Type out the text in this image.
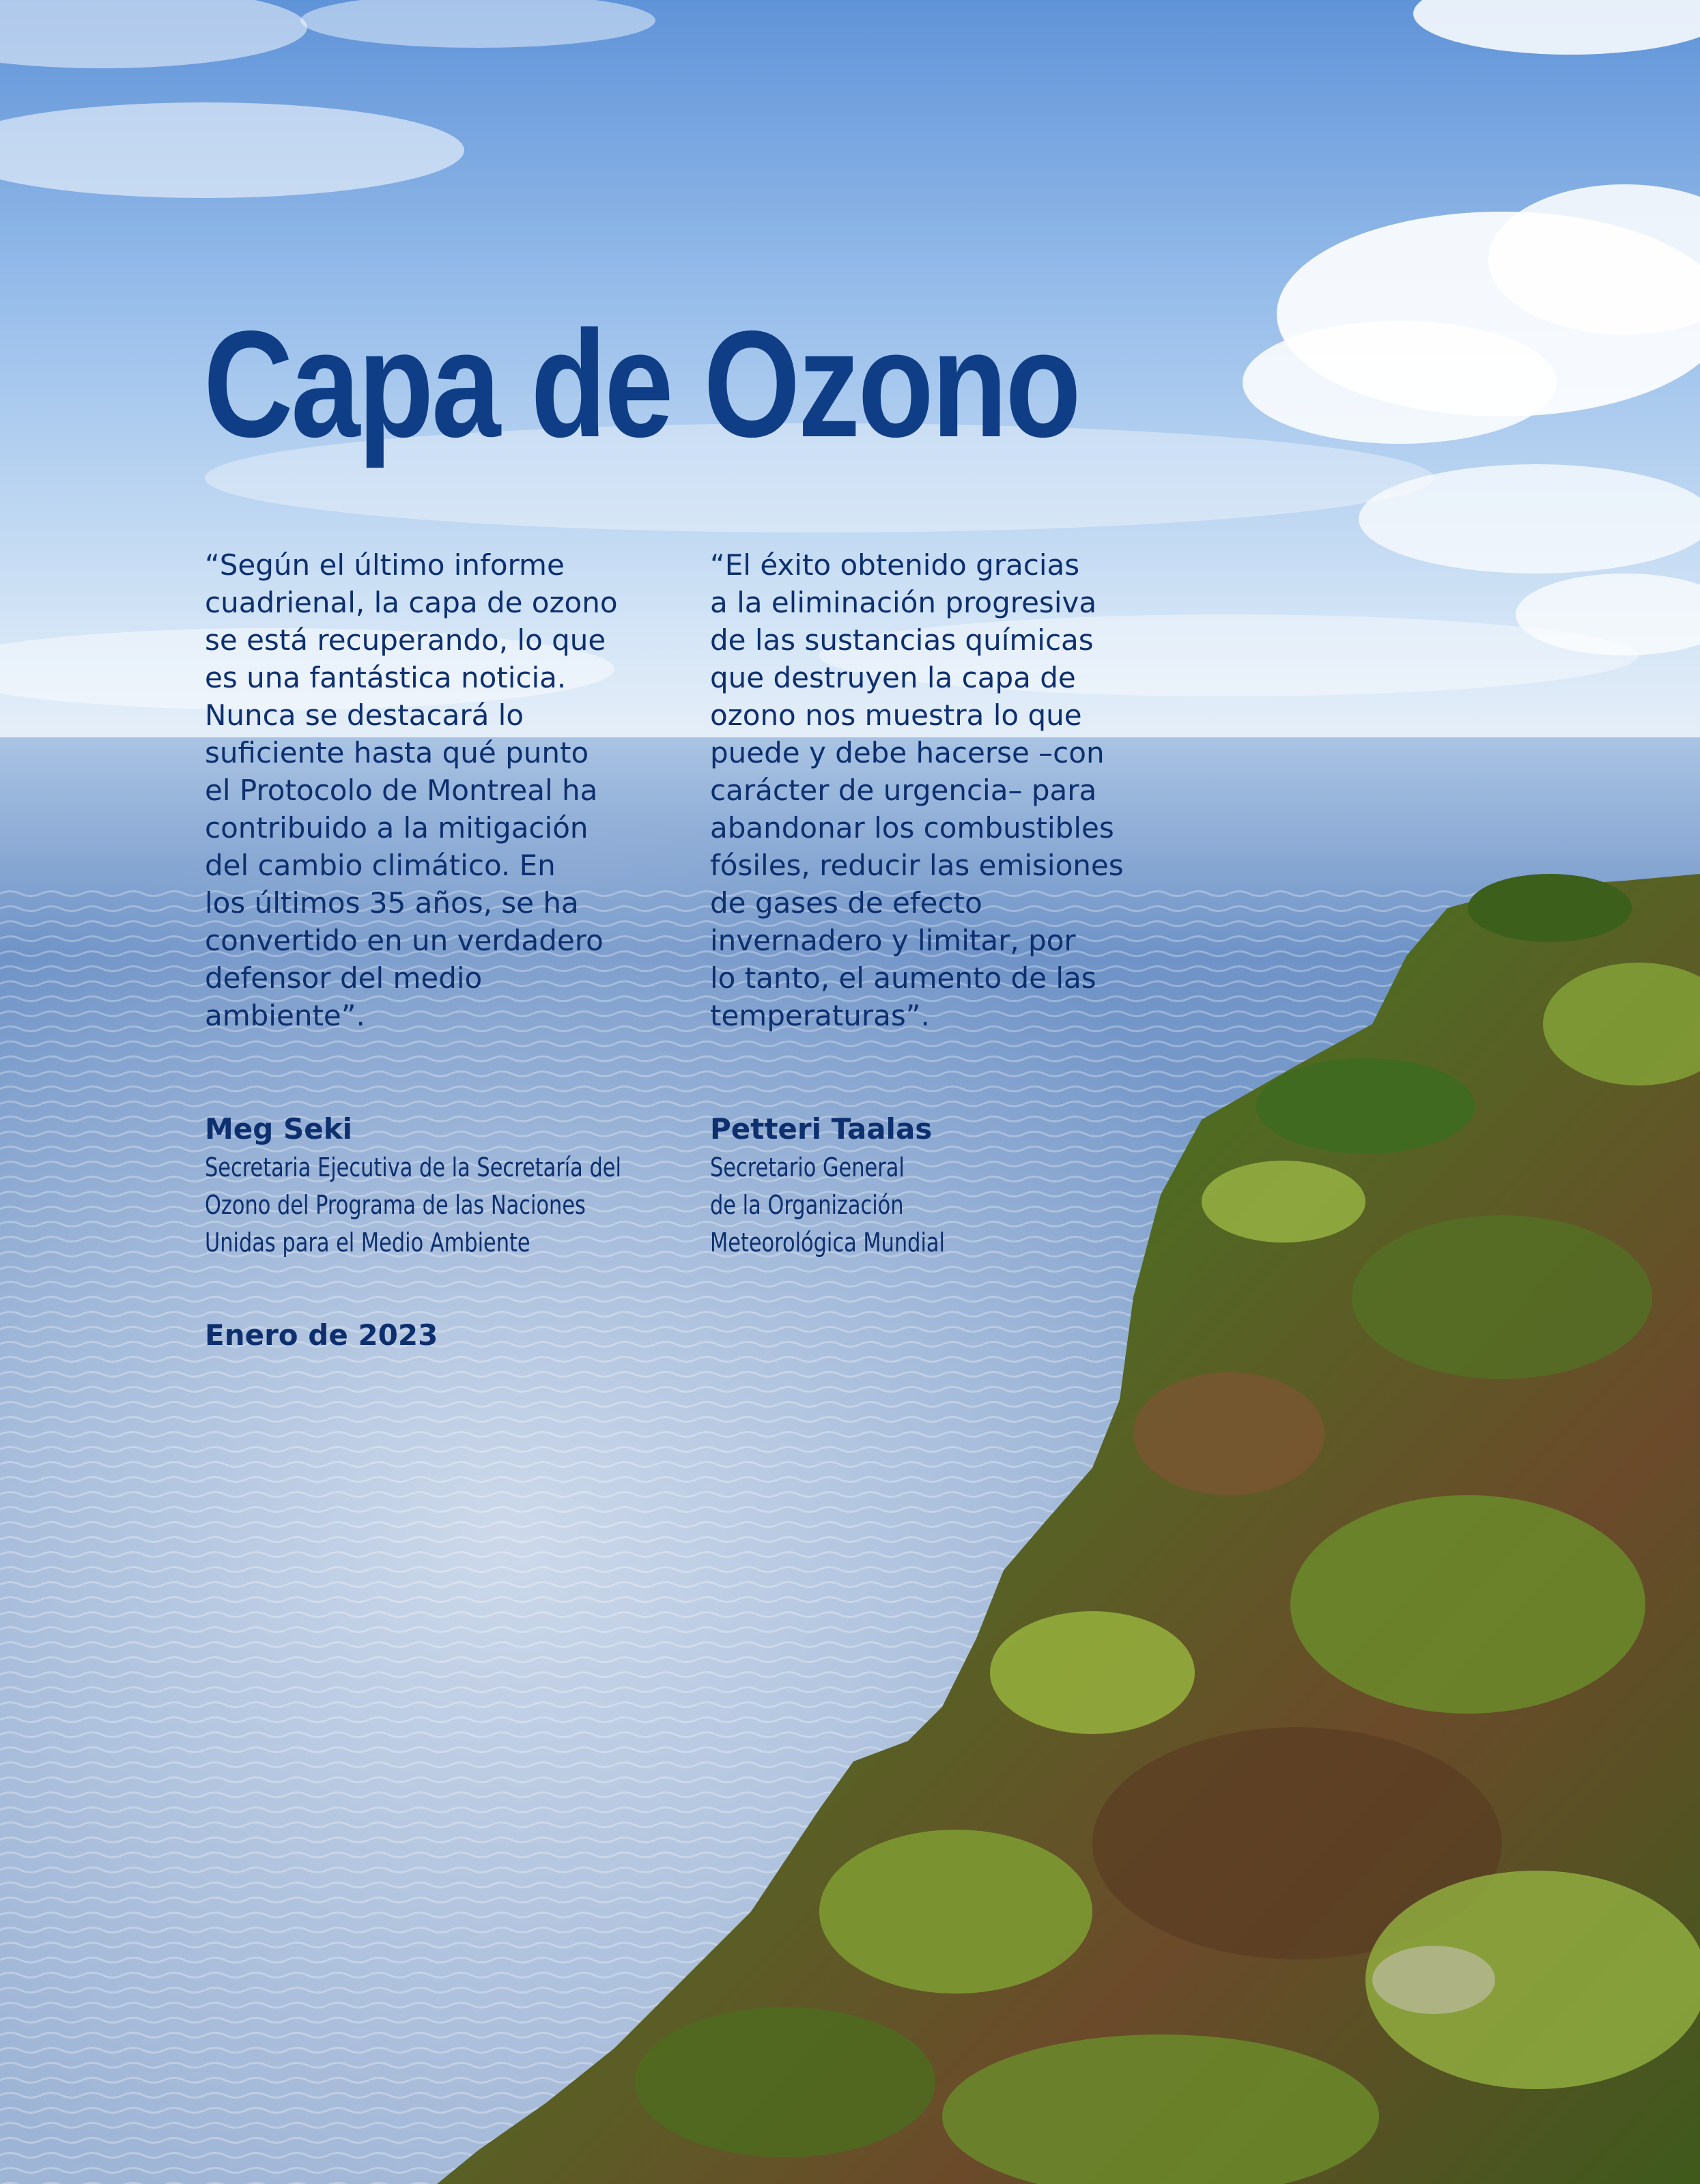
Capa de Ozono

“Según el último informe
cuadrienal, la capa de ozono
se está recuperando, lo que
es una fantástica noticia.
Nunca se destacará lo
suficiente hasta qué punto
el Protocolo de Montreal ha
contribuido a la mitigación
del cambio climático. En
los últimos 35 años, se ha
convertido en un verdadero
defensor del medio
ambiente”.

“El éxito obtenido gracias
a la eliminación progresiva
de las sustancias químicas
que destruyen la capa de
ozono nos muestra lo que
puede y debe hacerse –con
carácter de urgencia– para
abandonar los combustibles
fósiles, reducir las emisiones
de gases de efecto
invernadero y limitar, por
lo tanto, el aumento de las
temperaturas”.

Meg Seki

Secretaria Ejecutiva de la Secretaría del
Ozono del Programa de las Naciones
Unidas para el Medio Ambiente

Petteri Taalas

Secretario General
de la Organización
Meteorológica Mundial

Enero de 2023
